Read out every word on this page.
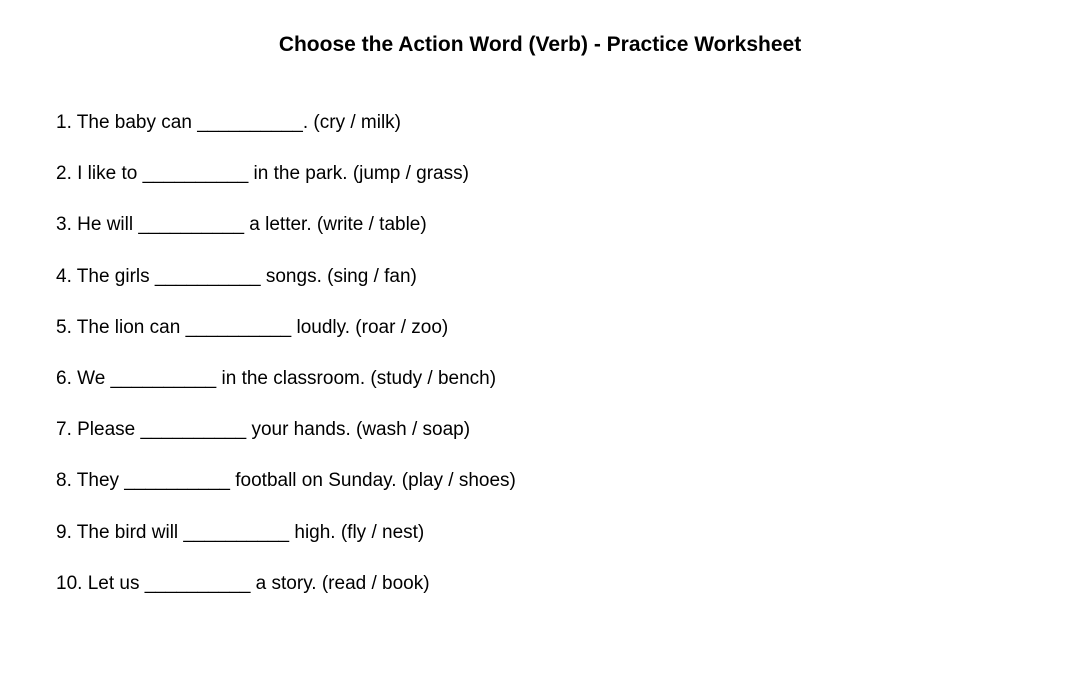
Choose the Action Word (Verb) - Practice Worksheet
1. The baby can __________. (cry / milk)
2. I like to __________ in the park. (jump / grass)
3. He will __________ a letter. (write / table)
4. The girls __________ songs. (sing / fan)
5. The lion can __________ loudly. (roar / zoo)
6. We __________ in the classroom. (study / bench)
7. Please __________ your hands. (wash / soap)
8. They __________ football on Sunday. (play / shoes)
9. The bird will __________ high. (fly / nest)
10. Let us __________ a story. (read / book)
